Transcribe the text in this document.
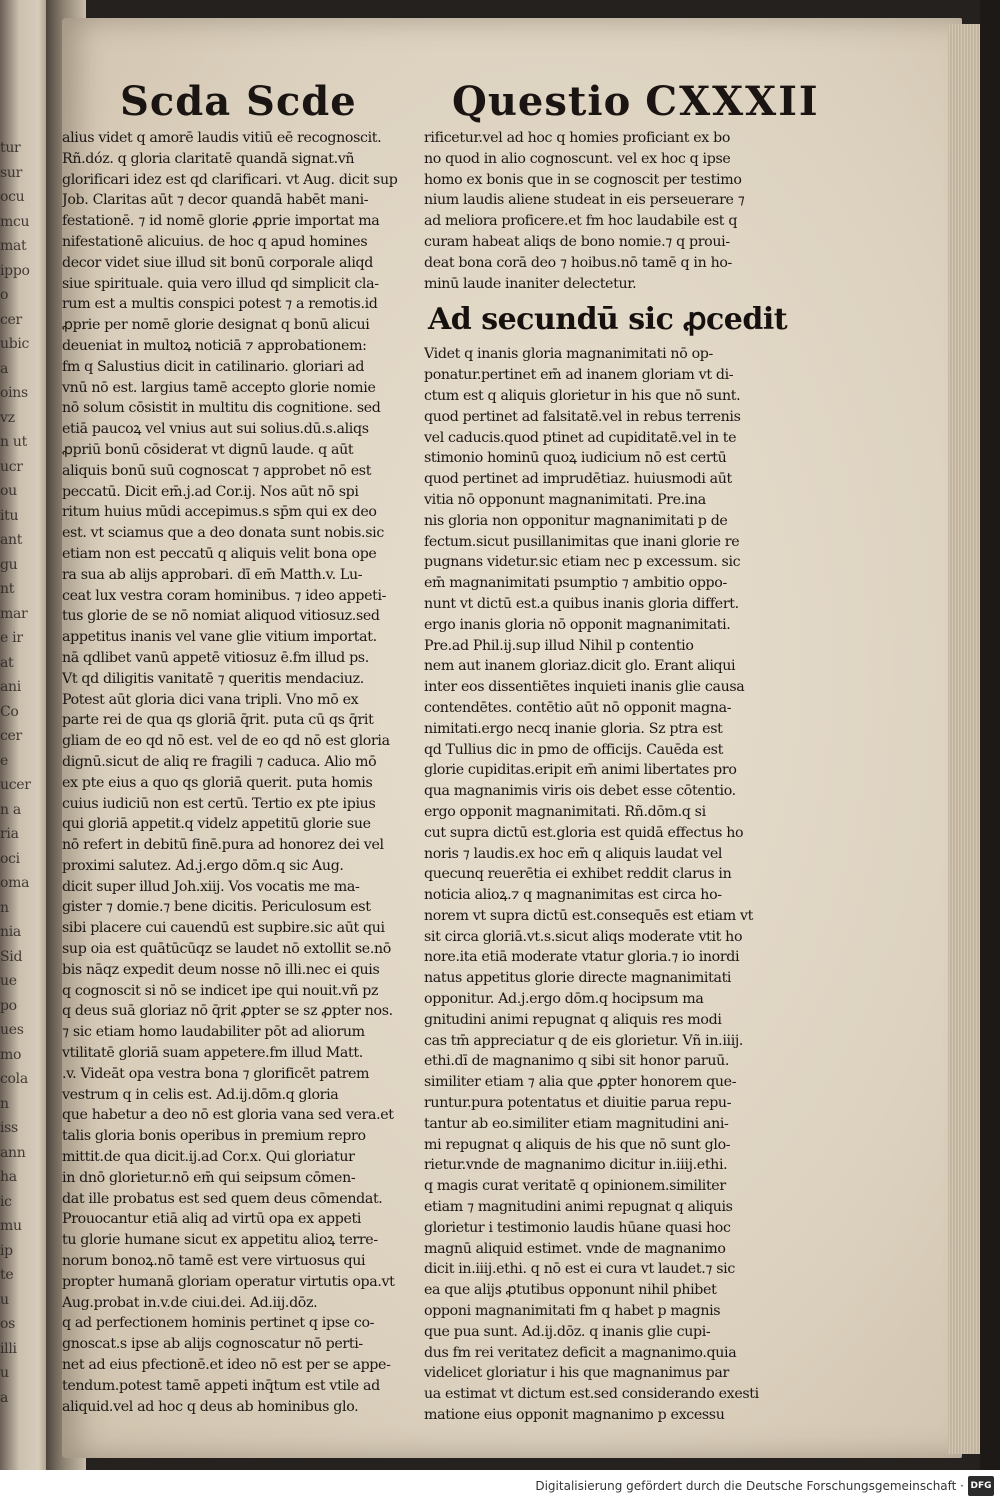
tur
sur
ocu
mcu
mat
ippo
o
cer
ubic
a
oins
vz
n ut
ucr
ou
itu
ant
gu
nt
mar
e ir
at
ani
Co
cer
e
ucer
n a
ria
oci
oma
n
nia
Sid
ue
po
ues
mo
cola
n
iss
ann
ha
ic
mu
ip
te
u
os
illi
u
a
Scda Scde Questio CXXXII
alius videt q amorē laudis vitiū eē recognoscit.
Rñ.dóz. q gloria claritatē quandā signat.vñ
glorificari idez est qd clarificari. vt Aug. dicit sup
Job. Claritas aūt ⁊ decor quandā habēt mani-
festationē. ⁊ id nomē glorie ꝓprie importat ma
nifestationē alicuius. de hoc q apud homines
decor videt siue illud sit bonū corporale aliqd
siue spirituale. quia vero illud qd simplicit cla-
rum est a multis conspici potest ⁊ a remotis.id
ꝓprie per nomē glorie designat q bonū alicui
deueniat in multoꝝ noticiā ⁊ approbationem:
fm q Salustius dicit in catilinario. gloriari ad
vnū nō est. largius tamē accepto glorie nomie
nō solum cōsistit in multitu dis cognitione. sed
etiā paucoꝝ vel vnius aut sui solius.dū.s.aliqs
ꝓpriū bonū cōsiderat vt dignū laude. q aūt
aliquis bonū suū cognoscat ⁊ approbet nō est
peccatū. Dicit em̄.j.ad Cor.ij. Nos aūt nō spi
ritum huius mūdi accepimus.s sp̄m qui ex deo
est. vt sciamus que a deo donata sunt nobis.sic
etiam non est peccatū q aliquis velit bona ope
ra sua ab alijs approbari. dī em̄ Matth.v. Lu-
ceat lux vestra coram hominibus. ⁊ ideo appeti-
tus glorie de se nō nomiat aliquod vitiosuz.sed
appetitus inanis vel vane glie vitium importat.
nā qdlibet vanū appetē vitiosuz ē.fm illud ps.
Vt qd diligitis vanitatē ⁊ queritis mendaciuz.
Potest aūt gloria dici vana tripli. Vno mō ex
parte rei de qua qs gloriā q̄rit. puta cū qs q̄rit
gliam de eo qd nō est. vel de eo qd nō est gloria
dignū.sicut de aliq re fragili ⁊ caduca. Alio mō
ex pte eius a quo qs gloriā querit. puta homis
cuius iudiciū non est certū. Tertio ex pte ipius
qui gloriā appetit.q videlz appetitū glorie sue
nō refert in debitū finē.pura ad honorez dei vel
proximi salutez. Ad.j.ergo dōm.q sic Aug.
dicit super illud Joh.xiij. Vos vocatis me ma-
gister ⁊ domie.⁊ bene dicitis. Periculosum est
sibi placere cui cauendū est supbire.sic aūt qui
sup oia est quātūcūqz se laudet nō extollit se.nō
bis nāqz expedit deum nosse nō illi.nec ei quis
q cognoscit si nō se indicet ipe qui nouit.vñ pz
q deus suā gloriaz nō q̄rit ꝓpter se sz ꝓpter nos.
⁊ sic etiam homo laudabiliter pōt ad aliorum
vtilitatē gloriā suam appetere.fm illud Matt.
.v. Videāt opa vestra bona ⁊ glorificēt patrem
vestrum q in celis est. Ad.ij.dōm.q gloria
que habetur a deo nō est gloria vana sed vera.et
talis gloria bonis operibus in premium repro
mittit.de qua dicit.ij.ad Cor.x. Qui gloriatur
in dnō glorietur.nō em̄ qui seipsum cōmen-
dat ille probatus est sed quem deus cōmendat.
Prouocantur etiā aliq ad virtū opa ex appeti
tu glorie humane sicut ex appetitu alioꝝ terre-
norum bonoꝝ.nō tamē est vere virtuosus qui
propter humanā gloriam operatur virtutis opa.vt
Aug.probat in.v.de ciui.dei. Ad.iij.dōz.
q ad perfectionem hominis pertinet q ipse co-
gnoscat.s ipse ab alijs cognoscatur nō perti-
net ad eius pfectionē.et ideo nō est per se appe-
tendum.potest tamē appeti inq̄tum est vtile ad
aliquid.vel ad hoc q deus ab hominibus glo.
rificetur.vel ad hoc q homies proficiant ex bo
no quod in alio cognoscunt. vel ex hoc q ipse
homo ex bonis que in se cognoscit per testimo
nium laudis aliene studeat in eis perseuerare ⁊
ad meliora proficere.et fm hoc laudabile est q
curam habeat aliqs de bono nomie.⁊ q proui-
deat bona corā deo ⁊ hoibus.nō tamē q in ho-
minū laude inaniter delectetur.
Ad secundū sic ꝓcedit
Videt q inanis gloria magnanimitati nō op-
ponatur.pertinet em̄ ad inanem gloriam vt di-
ctum est q aliquis glorietur in his que nō sunt.
quod pertinet ad falsitatē.vel in rebus terrenis
vel caducis.quod ptinet ad cupiditatē.vel in te
stimonio hominū quoꝝ iudicium nō est certū
quod pertinet ad imprudētiaz. huiusmodi aūt
vitia nō opponunt magnanimitati. Pre.ina
nis gloria non opponitur magnanimitati p de
fectum.sicut pusillanimitas que inani glorie re
pugnans videtur.sic etiam nec p excessum. sic
em̄ magnanimitati psumptio ⁊ ambitio oppo-
nunt vt dictū est.a quibus inanis gloria differt.
ergo inanis gloria nō opponit magnanimitati.
Pre.ad Phil.ij.sup illud Nihil p contentio
nem aut inanem gloriaz.dicit glo. Erant aliqui
inter eos dissentiētes inquieti inanis glie causa
contendētes. contētio aūt nō opponit magna-
nimitati.ergo necq inanie gloria. Sz ptra est
qd Tullius dic in pmo de officijs. Cauēda est
glorie cupiditas.eripit em̄ animi libertates pro
qua magnanimis viris ois debet esse cōtentio.
ergo opponit magnanimitati. Rñ.dōm.q si
cut supra dictū est.gloria est quidā effectus ho
noris ⁊ laudis.ex hoc em̄ q aliquis laudat vel
quecunq reuerētia ei exhibet reddit clarus in
noticia alioꝝ.⁊ q magnanimitas est circa ho-
norem vt supra dictū est.consequēs est etiam vt
sit circa gloriā.vt.s.sicut aliqs moderate vtit ho
nore.ita etiā moderate vtatur gloria.⁊ io inordi
natus appetitus glorie directe magnanimitati
opponitur. Ad.j.ergo dōm.q hocipsum ma
gnitudini animi repugnat q aliquis res modi
cas tm̄ appreciatur q de eis glorietur. Vñ in.iiij.
ethi.dī de magnanimo q sibi sit honor paruū.
similiter etiam ⁊ alia que ꝓpter honorem que-
runtur.pura potentatus et diuitie parua repu-
tantur ab eo.similiter etiam magnitudini ani-
mi repugnat q aliquis de his que nō sunt glo-
rietur.vnde de magnanimo dicitur in.iiij.ethi.
q magis curat veritatē q opinionem.similiter
etiam ⁊ magnitudini animi repugnat q aliquis
glorietur i testimonio laudis hūane quasi hoc
magnū aliquid estimet. vnde de magnanimo
dicit in.iiij.ethi. q nō est ei cura vt laudet.⁊ sic
ea que alijs ꝓtutibus opponunt nihil phibet
opponi magnanimitati fm q habet p magnis
que pua sunt. Ad.ij.dōz. q inanis glie cupi-
dus fm rei veritatez deficit a magnanimo.quia
videlicet gloriatur i his que magnanimus par
ua estimat vt dictum est.sed considerando exesti
matione eius opponit magnanimo p excessu
Digitalisierung gefördert durch die Deutsche Forschungsgemeinschaft · DFG
